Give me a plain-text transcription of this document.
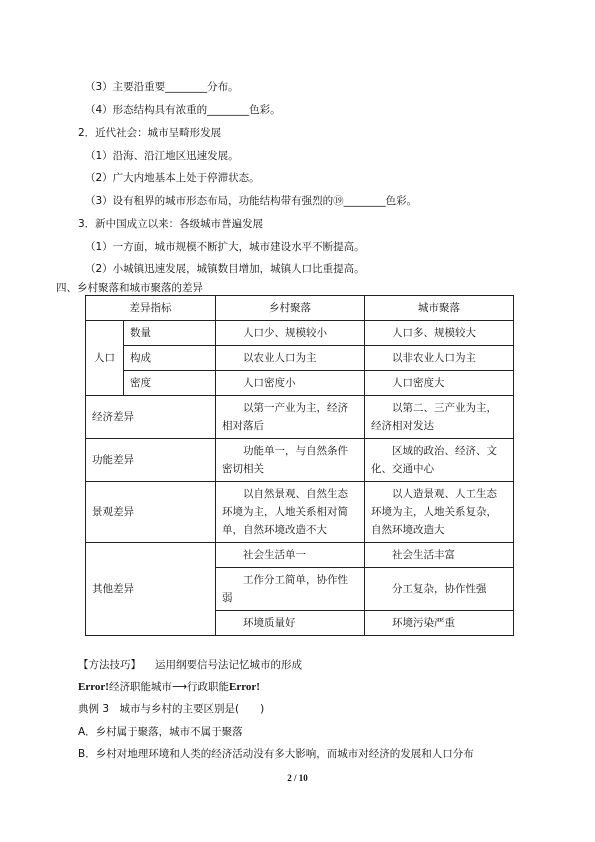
（3）主要沿重要________分布。
（4）形态结构具有浓重的________色彩。
2．近代社会：城市呈畸形发展
（1）沿海、沿江地区迅速发展。
（2）广大内地基本上处于停滞状态。
（3）设有租界的城市形态布局，功能结构带有强烈的⑲________色彩。
3．新中国成立以来：各级城市普遍发展
（1）一方面，城市规模不断扩大，城市建设水平不断提高。
（2）小城镇迅速发展，城镇数目增加，城镇人口比重提高。
四、乡村聚落和城市聚落的差异
差异指标		乡村聚落	城市聚落
人口	数量	人口少、规模较小	人口多、规模较大
	构成	以农业人口为主	以非农业人口为主
	密度	人口密度小	人口密度大
经济差异		以第一产业为主，经济相对落后	以第二、三产业为主，经济相对发达
功能差异		功能单一，与自然条件密切相关	区域的政治、经济、文化、交通中心
景观差异		以自然景观、自然生态环境为主，人地关系相对简单，自然环境改造不大	以人造景观、人工生态环境为主，人地关系复杂，自然环境改造大
其他差异		社会生活单一	社会生活丰富
		工作分工简单，协作性弱	分工复杂，协作性强
		环境质量好	环境污染严重
【方法技巧】 运用纲要信号法记忆城市的形成
Error!经济职能城市⟶行政职能Error!
典例 3　城市与乡村的主要区别是(　　)
A．乡村属于聚落，城市不属于聚落
B．乡村对地理环境和人类的经济活动没有多大影响，而城市对经济的发展和人口分布
2 / 10
